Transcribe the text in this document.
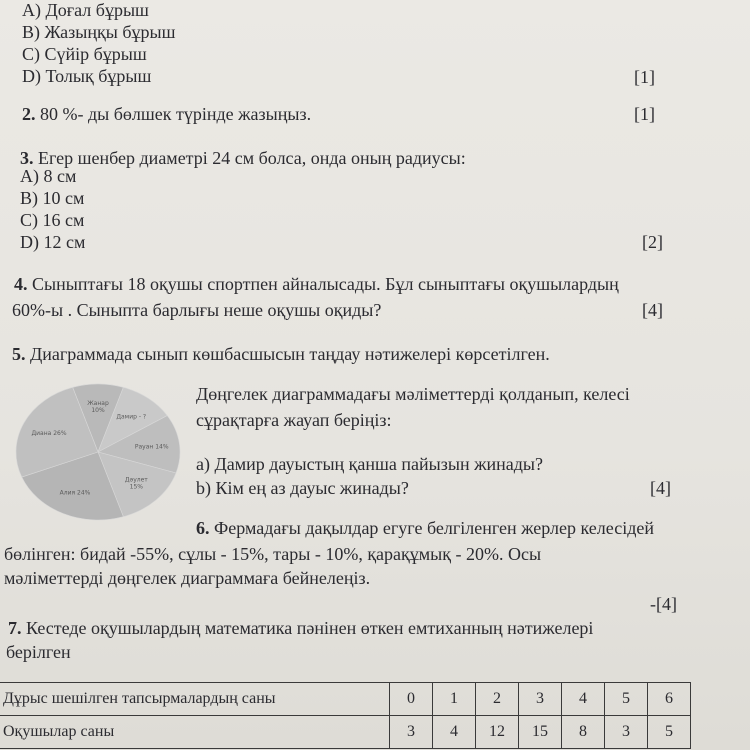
A) Доғал бұрыш
B) Жазыңқы бұрыш
C) Сүйір бұрыш
D) Толық бұрыш	[1]
2. 80 %- ды бөлшек түрінде жазыңыз.	[1]
3. Егер шенбер диаметрі 24 см болса, онда оның радиусы:
A) 8 см
B) 10 см
C) 16 см
D) 12 см	[2]
4. Сыныптағы 18 оқушы спортпен айналысады. Бұл сыныптағы оқушылардың
60%-ы . Сыныпта барлығы неше оқушы оқиды?	[4]
5. Диаграммада сынып көшбасшысын таңдау нәтижелері көрсетілген.
Жанар 10%
Дамир - ?
Рауан 14%
Дәулет 15%
Алия 24%
Диана 26%
Дөңгелек диаграммадағы мәліметтерді қолданып, келесі
сұрақтарға жауап беріңіз:
a) Дамир дауыстың қанша пайызын жинады?
b) Кім ең аз дауыс жинады?	[4]
6. Фермадағы дақылдар егуге белгіленген жерлер келесідей
бөлінген: бидай -55%, сұлы - 15%, тары - 10%, қарақұмық - 20%. Осы
мәліметтерді дөңгелек диаграммаға бейнелеңіз.
-[4]
7. Кестеде оқушылардың математика пәнінен өткен емтиханның нәтижелері
берілген
Дұрыс шешілген тапсырмалардың саны	0	1	2	3	4	5	6
Оқушылар саны	3	4	12	15	8	3	5
